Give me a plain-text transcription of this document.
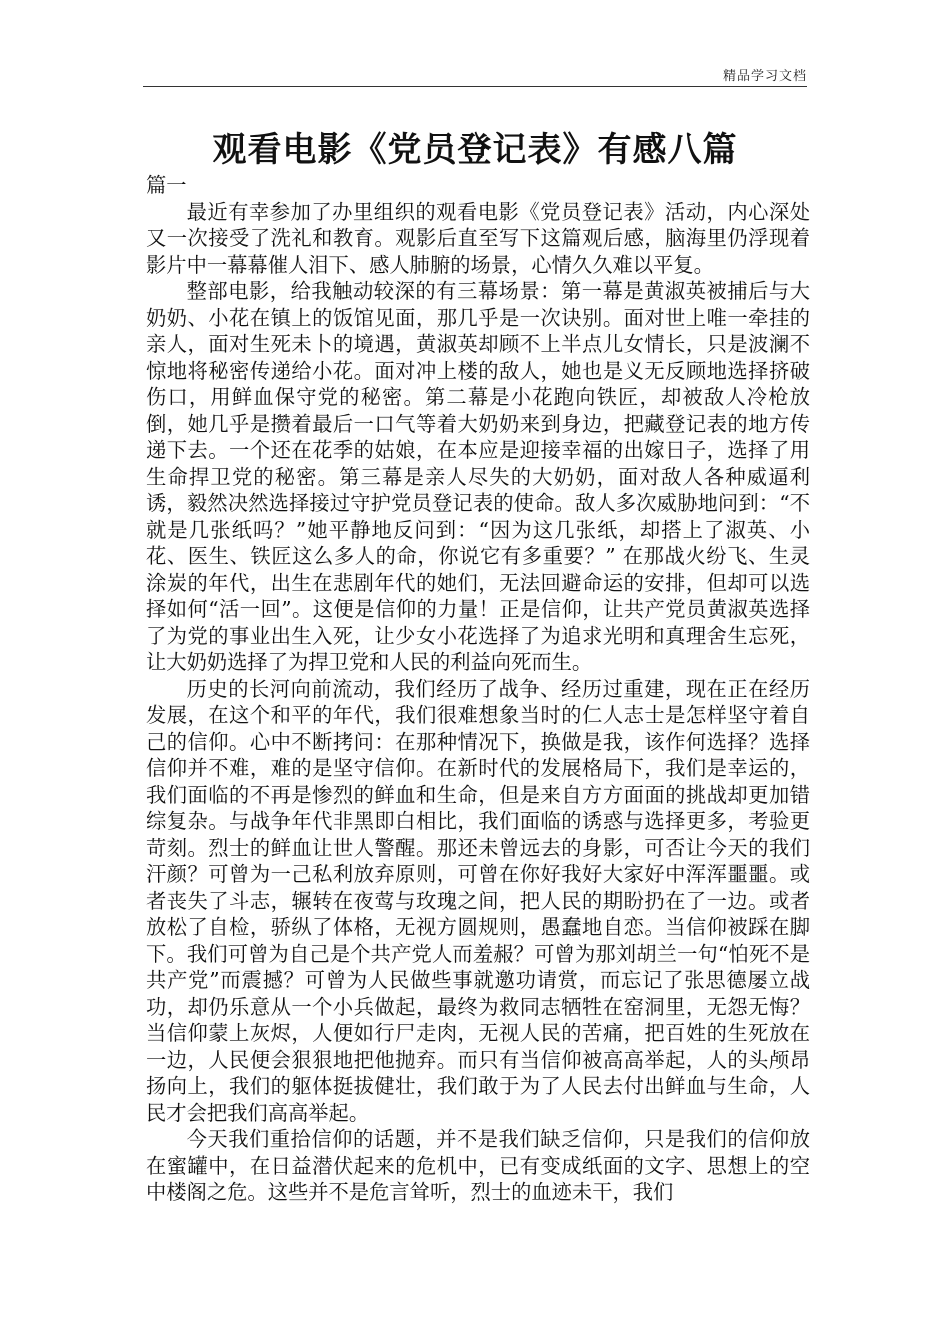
精品学习文档
观看电影《党员登记表》有感八篇

篇一

最近有幸参加了办里组织的观看电影《党员登记表》活动，内心深处又一次接受了洗礼和教育。观影后直至写下这篇观后感，脑海里仍浮现着影片中一幕幕催人泪下、感人肺腑的场景，心情久久难以平复。

整部电影，给我触动较深的有三幕场景：第一幕是黄淑英被捕后与大奶奶、小花在镇上的饭馆见面，那几乎是一次诀别。面对世上唯一牵挂的亲人，面对生死未卜的境遇，黄淑英却顾不上半点儿女情长，只是波澜不惊地将秘密传递给小花。面对冲上楼的敌人，她也是义无反顾地选择挤破伤口，用鲜血保守党的秘密。第二幕是小花跑向铁匠，却被敌人冷枪放倒，她几乎是攒着最后一口气等着大奶奶来到身边，把藏登记表的地方传递下去。一个还在花季的姑娘，在本应是迎接幸福的出嫁日子，选择了用生命捍卫党的秘密。第三幕是亲人尽失的大奶奶，面对敌人各种威逼利诱，毅然决然选择接过守护党员登记表的使命。敌人多次威胁地问到：“不就是几张纸吗？”她平静地反问到：“因为这几张纸，却搭上了淑英、小花、医生、铁匠这么多人的命，你说它有多重要？” 在那战火纷飞、生灵涂炭的年代，出生在悲剧年代的她们，无法回避命运的安排，但却可以选择如何“活一回”。这便是信仰的力量！正是信仰，让共产党员黄淑英选择了为党的事业出生入死，让少女小花选择了为追求光明和真理舍生忘死，让大奶奶选择了为捍卫党和人民的利益向死而生。

历史的长河向前流动，我们经历了战争、经历过重建，现在正在经历发展，在这个和平的年代，我们很难想象当时的仁人志士是怎样坚守着自己的信仰。心中不断拷问：在那种情况下，换做是我，该作何选择？选择信仰并不难，难的是坚守信仰。在新时代的发展格局下，我们是幸运的，我们面临的不再是惨烈的鲜血和生命，但是来自方方面面的挑战却更加错综复杂。与战争年代非黑即白相比，我们面临的诱惑与选择更多，考验更苛刻。烈士的鲜血让世人警醒。那还未曾远去的身影，可否让今天的我们汗颜？可曾为一己私利放弃原则，可曾在你好我好大家好中浑浑噩噩。或者丧失了斗志，辗转在夜莺与玫瑰之间，把人民的期盼扔在了一边。或者放松了自检，骄纵了体格，无视方圆规则，愚蠢地自恋。当信仰被踩在脚下。我们可曾为自己是个共产党人而羞赧？可曾为那刘胡兰一句“怕死不是共产党”而震撼？可曾为人民做些事就邀功请赏，而忘记了张思德屡立战功，却仍乐意从一个小兵做起，最终为救同志牺牲在窑洞里，无怨无悔？当信仰蒙上灰烬，人便如行尸走肉，无视人民的苦痛，把百姓的生死放在一边，人民便会狠狠地把他抛弃。而只有当信仰被高高举起，人的头颅昂扬向上，我们的躯体挺拔健壮，我们敢于为了人民去付出鲜血与生命，人民才会把我们高高举起。

今天我们重拾信仰的话题，并不是我们缺乏信仰，只是我们的信仰放在蜜罐中，在日益潜伏起来的危机中，已有变成纸面的文字、思想上的空中楼阁之危。这些并不是危言耸听，烈士的血迹未干，我们
